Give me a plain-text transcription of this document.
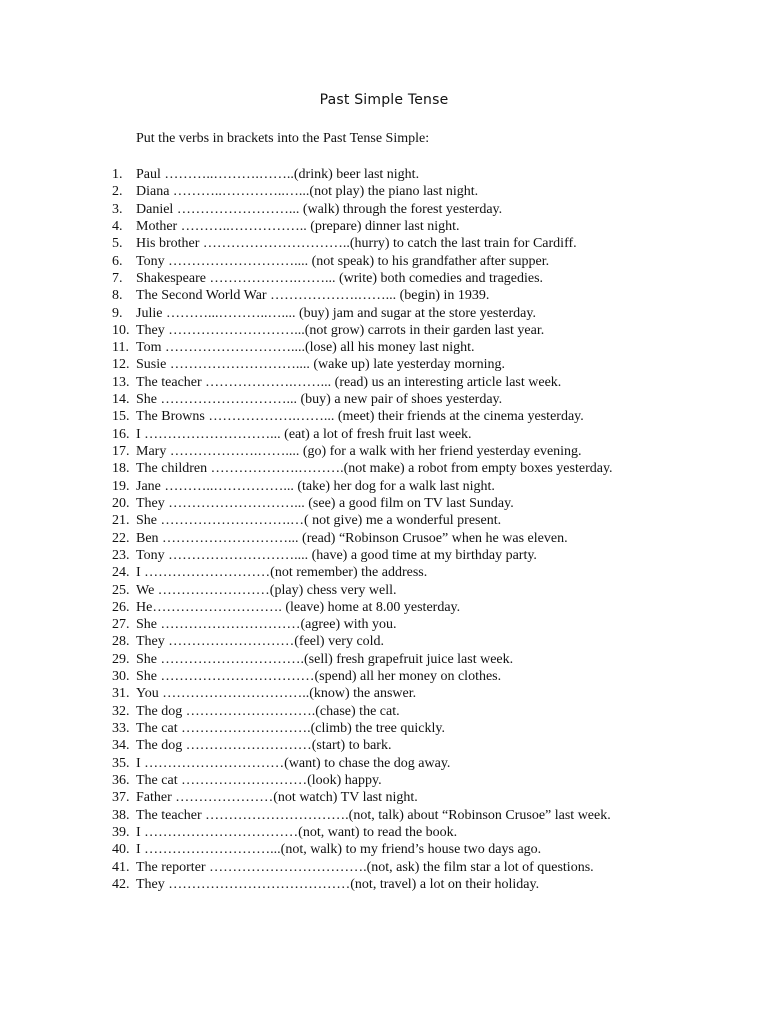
Past Simple Tense
Put the verbs in brackets into the Past Tense Simple:
1. Paul ………..……….……..(drink) beer last night.
2. Diana ………..…………..…...(not play) the piano last night.
3. Daniel ……………………... (walk) through the forest yesterday.
4. Mother ………..…………….. (prepare) dinner last night.
5. His brother …………………………..(hurry) to catch the last train for Cardiff.
6. Tony ……………………….... (not speak) to his grandfather after supper.
7. Shakespeare ……………….……... (write) both comedies and tragedies.
8. The Second World War ……………….……... (begin) in 1939.
9. Julie ………...………..….... (buy) jam and sugar at the store yesterday.
10. They ………………………...(not grow) carrots in their garden last year.
11. Tom ………………………....(lose) all his money last night.
12. Susie ……………………….... (wake up) late yesterday morning.
13. The teacher ……………….……... (read) us an interesting article last week.
14. She ………………………... (buy) a new pair of shoes yesterday.
15. The Browns ……………….……... (meet) their friends at the cinema yesterday.
16. I ………………………... (eat) a lot of fresh fruit last week.
17. Mary ……………….…….... (go) for a walk with her friend yesterday evening.
18. The children ……………….……….(not make) a robot from empty boxes yesterday.
19. Jane ………..……………... (take) her dog for a walk last night.
20. They ………………………... (see) a good film on TV last Sunday.
21. She ……………………….…( not give) me a wonderful present.
22. Ben ………………………... (read) “Robinson Crusoe” when he was eleven.
23. Tony ……………………….... (have) a good time at my birthday party.
24. I ………………………(not remember) the address.
25. We ……………………(play) chess very well.
26. He………………………. (leave) home at 8.00 yesterday.
27. She …………………………(agree) with you.
28. They ………………………(feel) very cold.
29. She ………………………….(sell) fresh grapefruit juice last week.
30. She ……………………………(spend) all her money on clothes.
31. You …………………………..(know) the answer.
32. The dog ……………………….(chase) the cat.
33. The cat ……………………….(climb) the tree quickly.
34. The dog ………………………(start) to bark.
35. I …………………………(want) to chase the dog away.
36. The cat ………………………(look) happy.
37. Father …………………(not watch) TV last night.
38. The teacher ………………………….(not, talk) about “Robinson Crusoe” last week.
39. I ……………………………(not, want) to read the book.
40. I ………………………...(not, walk) to my friend’s house two days ago.
41. The reporter …………………………….(not, ask) the film star a lot of questions.
42. They …………………………………(not, travel) a lot on their holiday.
